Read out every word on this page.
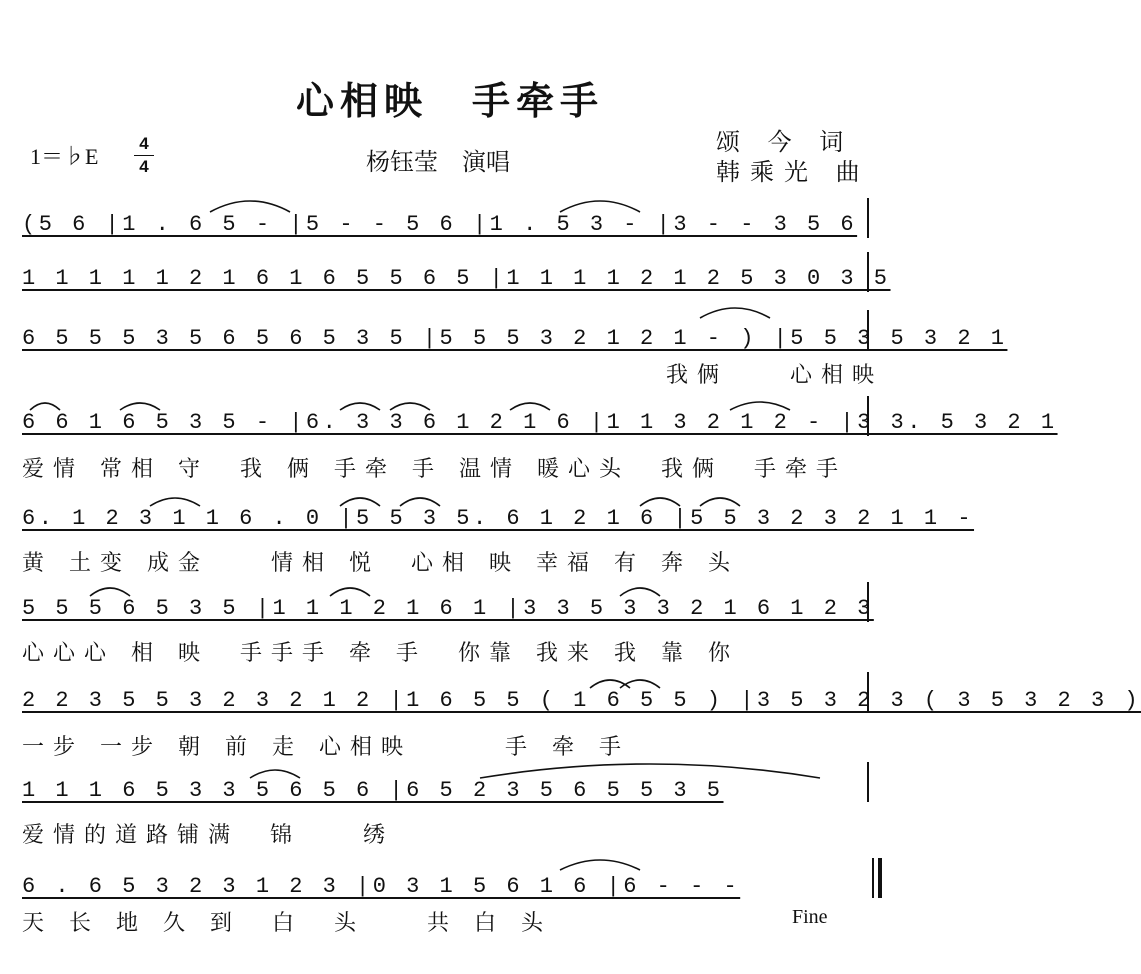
心相映　手牵手
1＝♭E
4
4	杨钰莹　演唱
颂 今 词
韩乘光 曲
(5 6 |1 . 6 5 - |5 - - 5 6 |1 . 5 3 - |3 - - 3 5 6
1 1 1 1 1 2 1 6 1 6 5 5 6 5 |1 1 1 1 2 1 2 5 3 0 3 5
6 5 5 5 3 5 6 5 6 5 3 5 |5 5 5 3 2 1 2 1 - ) |5 5 3 5 3 2 1
我俩　　心相映
6 6 1 6 5 3 5 - |6. 3 3 6 1 2 1 6 |1 1 3 2 1 2 - |3 3. 5 3 2 1
爱情 常相 守　我 俩 手牵 手 温情 暖心头　我俩　手牵手
6. 1 2 3 1 1 6 . 0 |5 5 3 5. 6 1 2 1 6 |5 5 3 2 3 2 1 1 -
黄 土变 成金　　情相 悦　心相 映 幸福 有 奔 头
5 5 5 6 5 3 5 |1 1 1 2 1 6 1 |3 3 5 3 3 2 1 6 1 2 3
心心心 相 映　手手手 牵 手　你靠 我来 我 靠 你
2 2 3 5 5 3 2 3 2 1 2 |1 6 5 5 ( 1 6 5 5 ) |3 5 3 2 3 ( 3 5 3 2 3 )
一步 一步 朝 前 走 心相映　　　手 牵 手
1 1 1 6 5 3 3 5 6 5 6 |6 5 2 3 5 6 5 5 3 5
爱情的道路铺满　锦　　绣
6 . 6 5 3 2 3 1 2 3 |0 3 1 5 6 1 6 |6 - - -
天 长 地 久 到　白　头　　共 白 头	Fine
